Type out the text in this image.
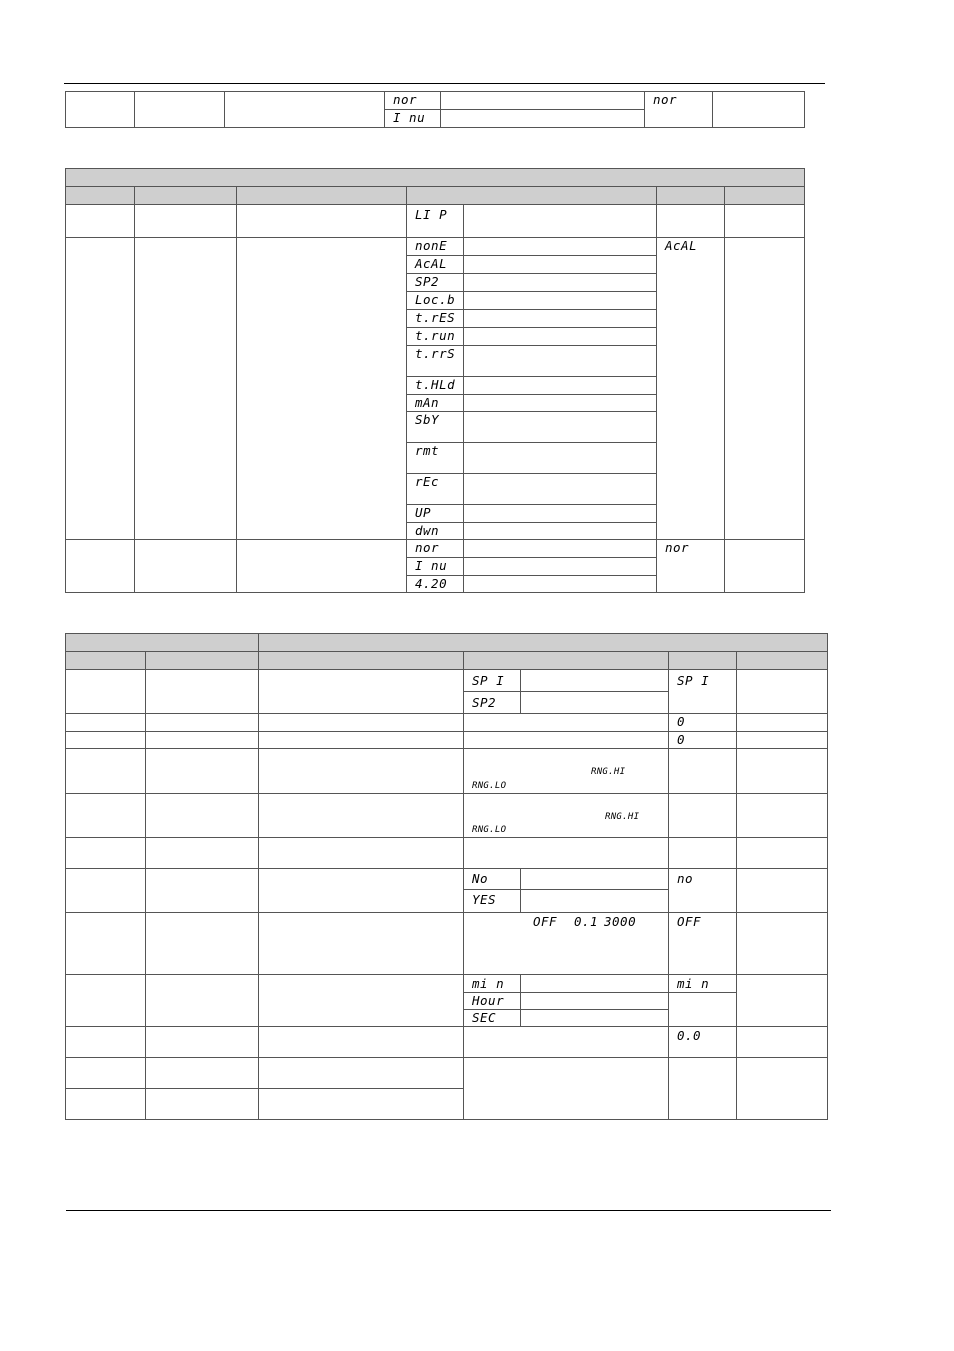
			nor		nor	
			I nu			

			LI P			
			nonE		AcAL	
			AcAL			
			SP2			
			Loc.b			
			t.rES			
			t.run			
			t.rrS			
			t.HLd			
			mAn			
			SbY			
			rmt			
			rEc			
			UP			
			dwn			
			nor		nor	
			I nu			
			4.20			

			SP I		SP I	
			SP2			
					0	
					0	

			RNG.HI
RNG.LO			

			RNG.HI
RNG.LO			

			No		no	
			YES			

			OFF 0.1 3000		OFF	
			mi n		mi n	
			Hour			
			SEC			
					0.0	
